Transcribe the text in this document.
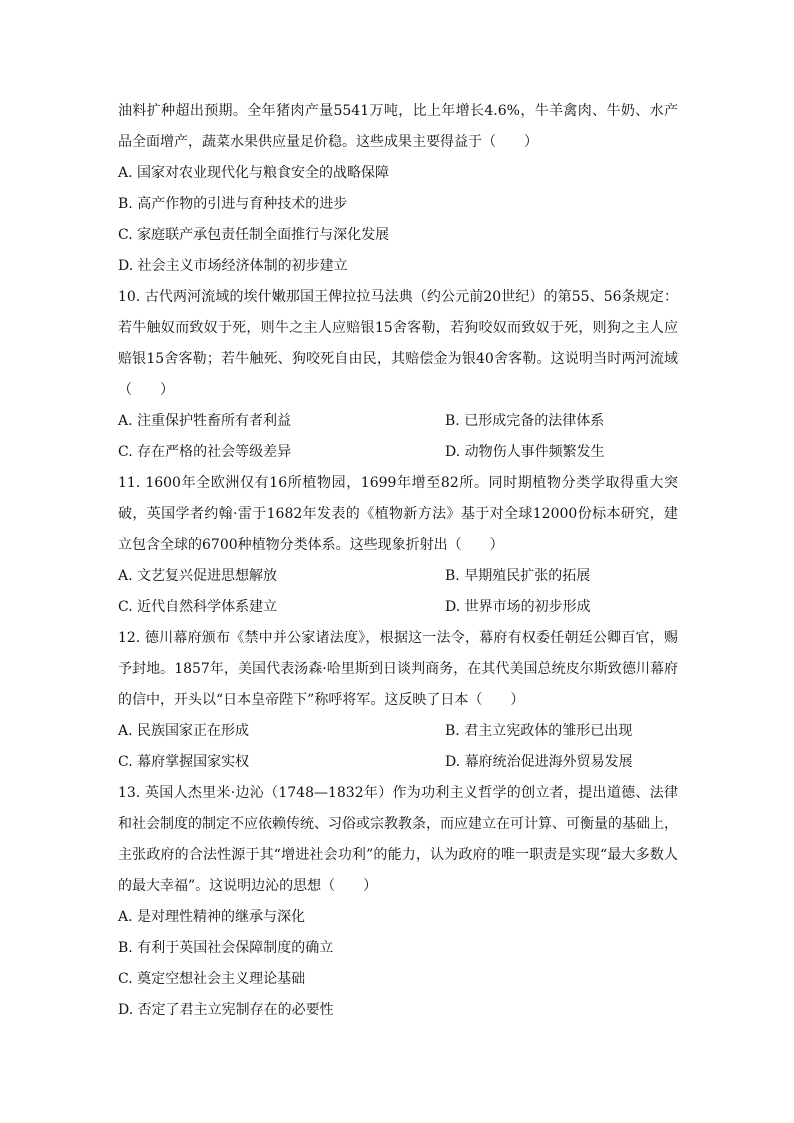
油料扩种超出预期。全年猪肉产量5541万吨，比上年增长4.6%，牛羊禽肉、牛奶、水产品全面增产，蔬菜水果供应量足价稳。这些成果主要得益于（　　）

A. 国家对农业现代化与粮食安全的战略保障

B. 高产作物的引进与育种技术的进步

C. 家庭联产承包责任制全面推行与深化发展

D. 社会主义市场经济体制的初步建立

10. 古代两河流域的埃什嫩那国王俾拉拉马法典（约公元前20世纪）的第55、56条规定：若牛触奴而致奴于死，则牛之主人应赔银15舍客勒，若狗咬奴而致奴于死，则狗之主人应赔银15舍客勒；若牛触死、狗咬死自由民，其赔偿金为银40舍客勒。这说明当时两河流域（　　）

A. 注重保护牲畜所有者利益	B. 已形成完备的法律体系
C. 存在严格的社会等级差异	D. 动物伤人事件频繁发生

11. 1600年全欧洲仅有16所植物园，1699年增至82所。同时期植物分类学取得重大突破，英国学者约翰·雷于1682年发表的《植物新方法》基于对全球12000份标本研究，建立包含全球的6700种植物分类体系。这些现象折射出（　　）

A. 文艺复兴促进思想解放	B. 早期殖民扩张的拓展
C. 近代自然科学体系建立	D. 世界市场的初步形成

12. 德川幕府颁布《禁中并公家诸法度》，根据这一法令，幕府有权委任朝廷公卿百官，赐予封地。1857年，美国代表汤森·哈里斯到日谈判商务，在其代美国总统皮尔斯致德川幕府的信中，开头以“日本皇帝陛下”称呼将军。这反映了日本（　　）

A. 民族国家正在形成	B. 君主立宪政体的雏形已出现
C. 幕府掌握国家实权	D. 幕府统治促进海外贸易发展

13. 英国人杰里米·边沁（1748—1832年）作为功利主义哲学的创立者，提出道德、法律和社会制度的制定不应依赖传统、习俗或宗教教条，而应建立在可计算、可衡量的基础上，主张政府的合法性源于其“增进社会功利”的能力，认为政府的唯一职责是实现“最大多数人的最大幸福”。这说明边沁的思想（　　）

A. 是对理性精神的继承与深化

B. 有利于英国社会保障制度的确立

C. 奠定空想社会主义理论基础

D. 否定了君主立宪制存在的必要性
